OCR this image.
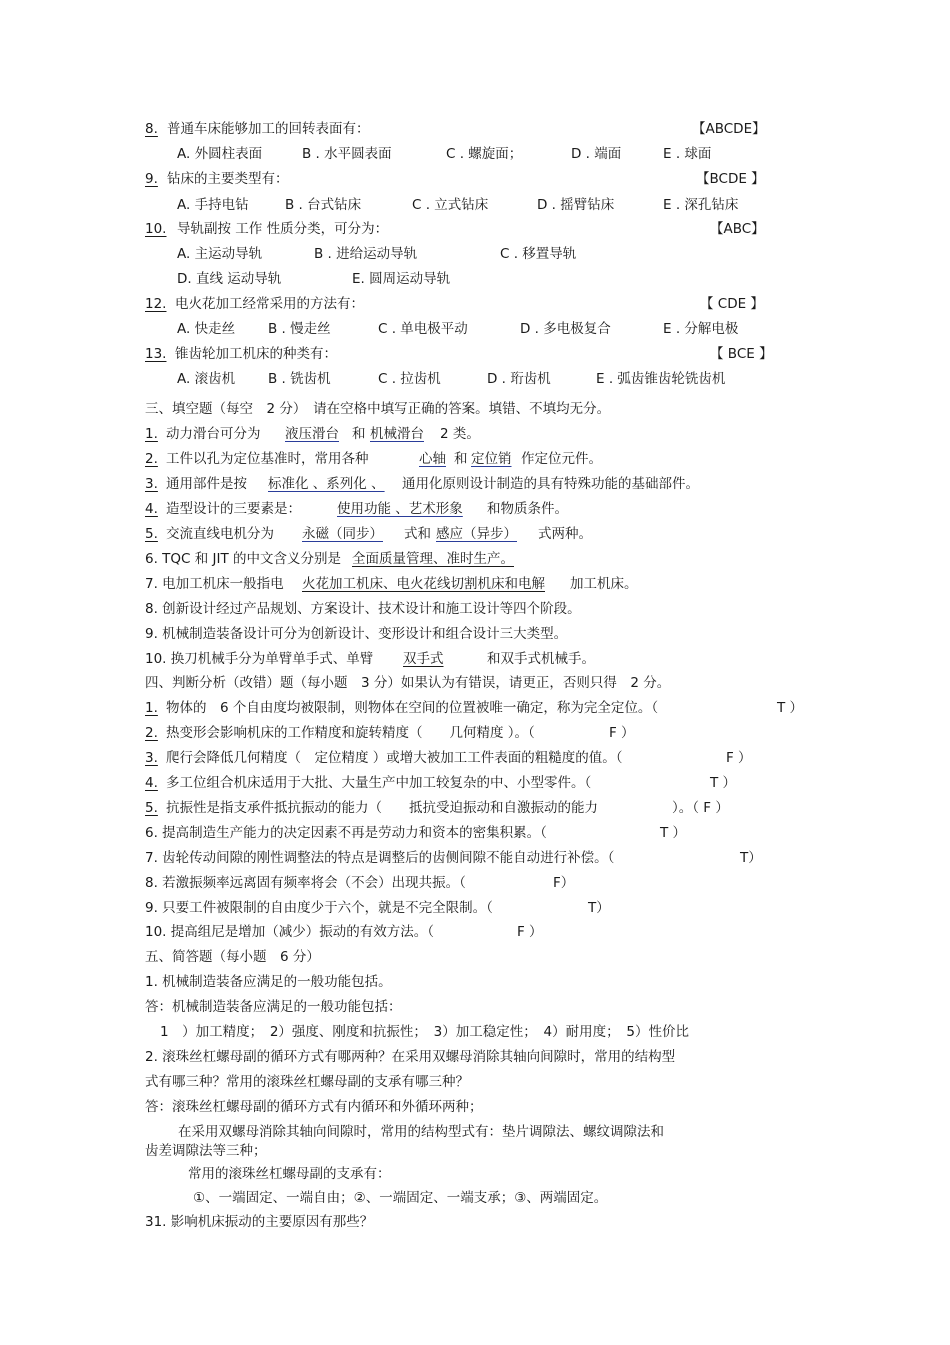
8. 普通车床能够加工的回转表面有：	【ABCDE】
A. 外圆柱表面	B . 水平圆表面	C . 螺旋面；	D . 端面	E . 球面
9. 钻床的主要类型有：	【BCDE 】
A. 手持电钻	B . 台式钻床	C . 立式钻床	D . 摇臂钻床	E . 深孔钻床
10. 导轨副按 工作 性质分类，可分为：	【ABC】
A. 主运动导轨	B . 进给运动导轨	C . 移置导轨
D. 直线 运动导轨	E. 圆周运动导轨
12. 电火花加工经常采用的方法有：	【 CDE 】
A. 快走丝 B . 慢走丝	C . 单电极平动	D . 多电极复合	E . 分解电极
13. 锥齿轮加工机床的种类有：	【 BCE 】
A. 滚齿机 B . 铣齿机	C . 拉齿机	D . 珩齿机	E . 弧齿锥齿轮铣齿机
三、填空题（每空　2 分）　请在空格中填写正确的答案。填错、不填均无分。
1. 动力滑台可分为 液压滑台 和 机械滑台 2 类。
2. 工件以孔为定位基准时，常用各种	心轴 和 定位销 作定位元件。
3. 通用部件是按 标准化 、系列化 、 通用化原则设计制造的具有特殊功能的基础部件。
4. 造型设计的三要素是：	使用功能 、艺术形象 和物质条件。
5. 交流直线电机分为 永磁（同步） 式和 感应（异步） 式两种。
6. TQC 和 JIT 的中文含义分别是 全面质量管理、准时生产。
7. 电加工机床一般指电 火花加工机床、电火花线切割机床和电解 加工机床。
8. 创新设计经过产品规划、方案设计、技术设计和施工设计等四个阶段。
9. 机械制造装备设计可分为创新设计、变形设计和组合设计三大类型。
10. 换刀机械手分为单臂单手式、单臂 双手式	和双手式机械手。
四、判断分析（改错）题（每小题　3 分）如果认为有错误，请更正，否则只得　2 分。
1. 物体的　6 个自由度均被限制，则物体在空间的位置被唯一确定，称为完全定位。（	T ）
2. 热变形会影响机床的工作精度和旋转精度（　　几何精度 ）。（	F ）
3. 爬行会降低几何精度（　定位精度 ）或增大被加工工件表面的粗糙度的值。（	F ）
4. 多工位组合机床适用于大批、大量生产中加工较复杂的中、小型零件。（	T ）
5. 抗振性是指支承件抵抗振动的能力（　　抵抗受迫振动和自激振动的能力	）。（ F ）
6. 提高制造生产能力的决定因素不再是劳动力和资本的密集积累。（	T ）
7. 齿轮传动间隙的刚性调整法的特点是调整后的齿侧间隙不能自动进行补偿。（	T）
8. 若激振频率远离固有频率将会（不会）出现共振。（	F）
9. 只要工件被限制的自由度少于六个，就是不完全限制。（	T）
10. 提高组尼是增加（减少）振动的有效方法。（	F ）
五、简答题（每小题　6 分）
1. 机械制造装备应满足的一般功能包括。
答：机械制造装备应满足的一般功能包括：
1　）加工精度；　2）强度、刚度和抗振性；　3）加工稳定性；　4）耐用度；　5）性价比
2. 滚珠丝杠螺母副的循环方式有哪两种？在采用双螺母消除其轴向间隙时，常用的结构型
式有哪三种？常用的滚珠丝杠螺母副的支承有哪三种？
答：滚珠丝杠螺母副的循环方式有内循环和外循环两种；
在采用双螺母消除其轴向间隙时，常用的结构型式有：垫片调隙法、螺纹调隙法和
齿差调隙法等三种；
常用的滚珠丝杠螺母副的支承有：
①、一端固定、一端自由；②、一端固定、一端支承；③、两端固定。
31. 影响机床振动的主要原因有那些？
